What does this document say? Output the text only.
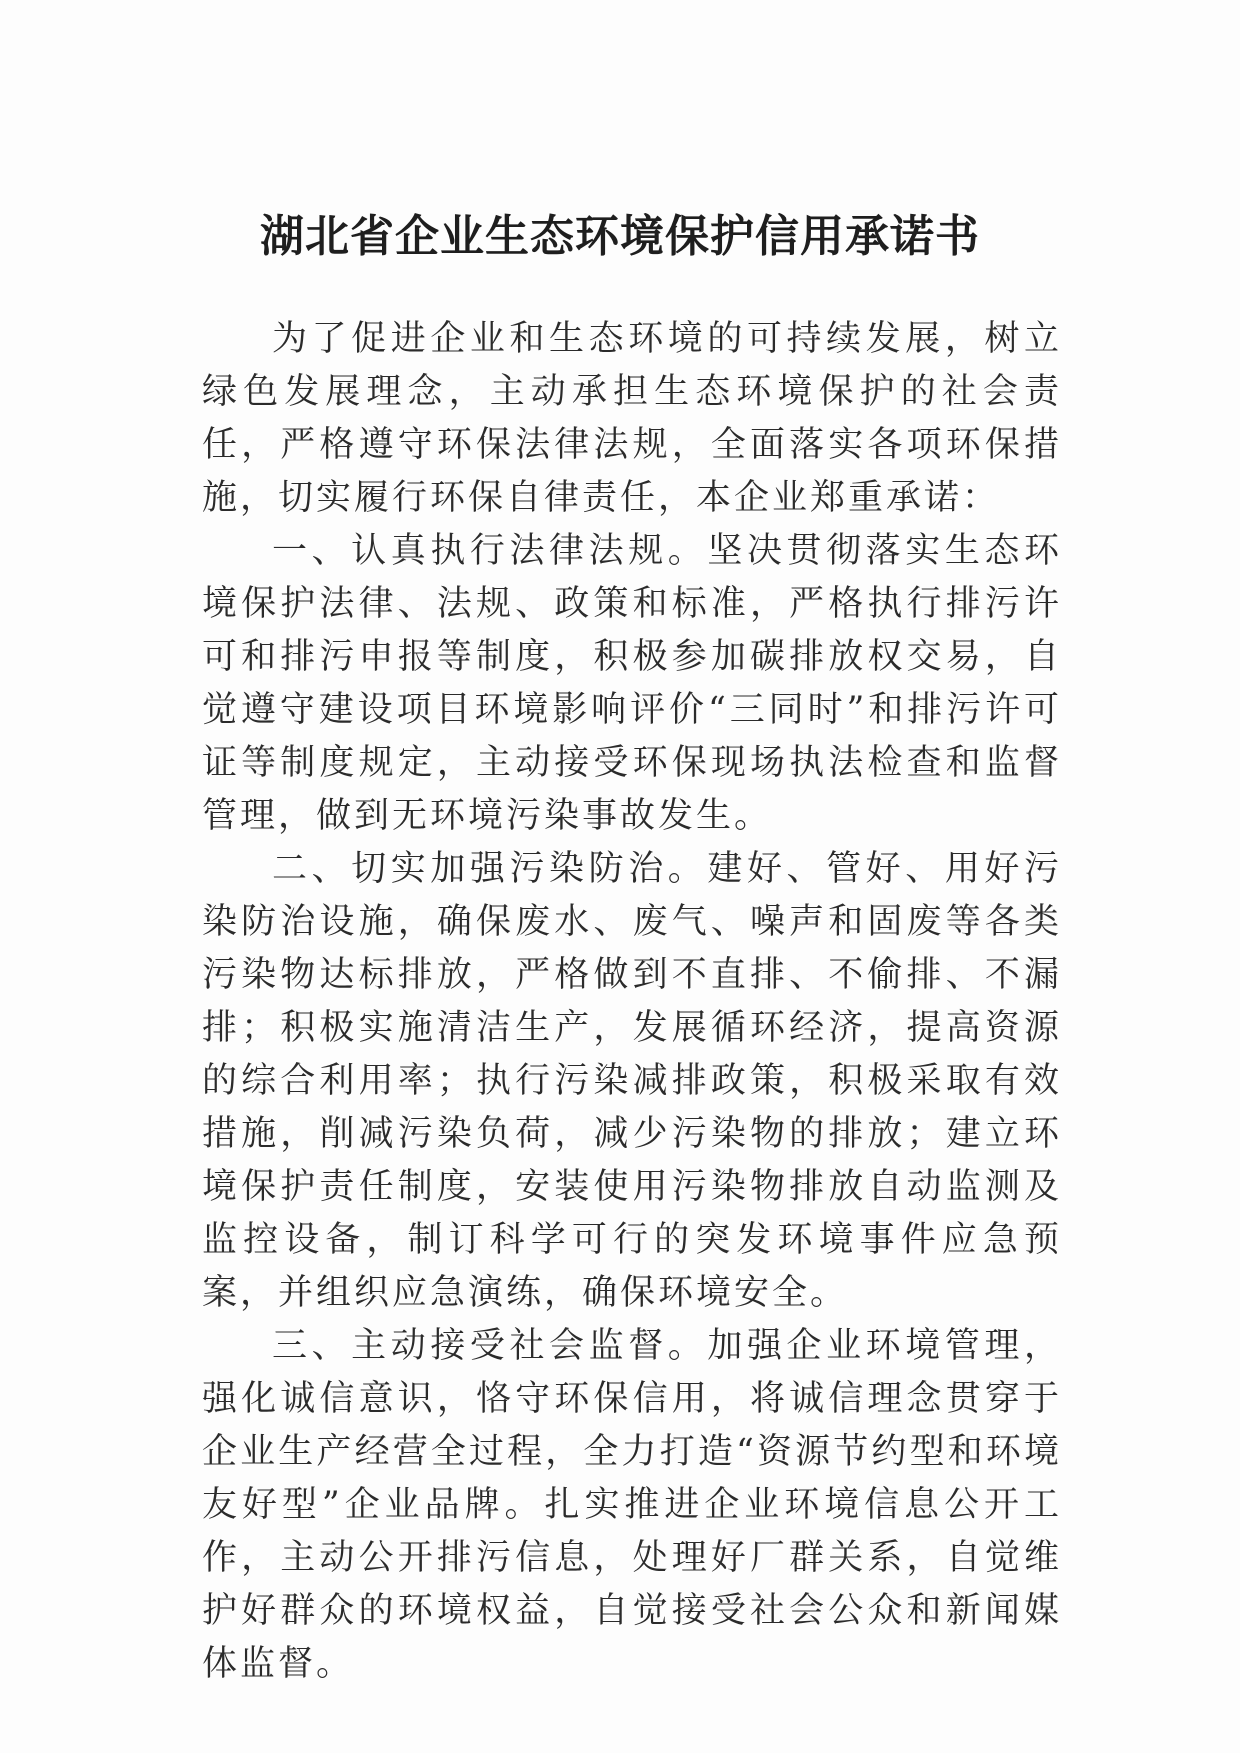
湖北省企业生态环境保护信用承诺书

为了促进企业和生态环境的可持续发展，树立绿色发展理念，主动承担生态环境保护的社会责任，严格遵守环保法律法规，全面落实各项环保措施，切实履行环保自律责任，本企业郑重承诺：

一、认真执行法律法规。坚决贯彻落实生态环境保护法律、法规、政策和标准，严格执行排污许可和排污申报等制度，积极参加碳排放权交易，自觉遵守建设项目环境影响评价“三同时”和排污许可证等制度规定，主动接受环保现场执法检查和监督管理，做到无环境污染事故发生。

二、切实加强污染防治。建好、管好、用好污染防治设施，确保废水、废气、噪声和固废等各类污染物达标排放，严格做到不直排、不偷排、不漏排；积极实施清洁生产，发展循环经济，提高资源的综合利用率；执行污染减排政策，积极采取有效措施，削减污染负荷，减少污染物的排放；建立环境保护责任制度，安装使用污染物排放自动监测及监控设备，制订科学可行的突发环境事件应急预案，并组织应急演练，确保环境安全。

三、主动接受社会监督。加强企业环境管理，强化诚信意识，恪守环保信用，将诚信理念贯穿于企业生产经营全过程，全力打造“资源节约型和环境友好型”企业品牌。扎实推进企业环境信息公开工作，主动公开排污信息，处理好厂群关系，自觉维护好群众的环境权益，自觉接受社会公众和新闻媒体监督。
